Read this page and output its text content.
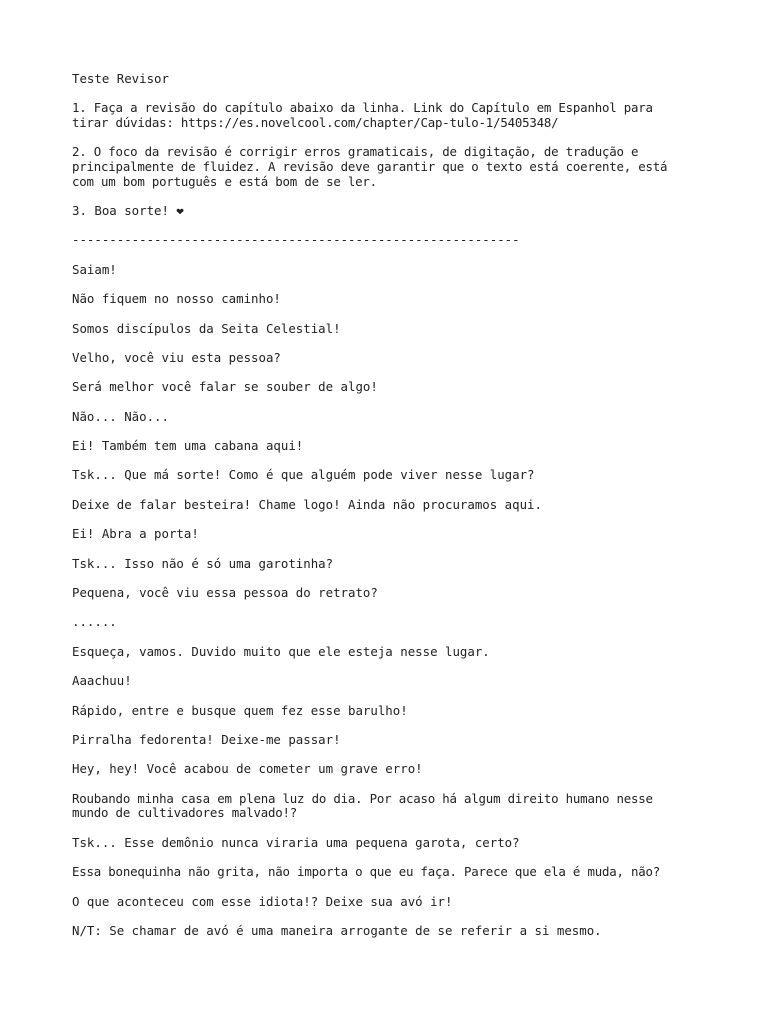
Teste Revisor

1. Faça a revisão do capítulo abaixo da linha. Link do Capítulo em Espanhol para
tirar dúvidas: https://es.novelcool.com/chapter/Cap-tulo-1/5405348/

2. O foco da revisão é corrigir erros gramaticais, de digitação, de tradução e
principalmente de fluidez. A revisão deve garantir que o texto está coerente, está
com um bom português e está bom de se ler.

3. Boa sorte! ❤

------------------------------------------------------------

Saiam!

Não fiquem no nosso caminho!

Somos discípulos da Seita Celestial!

Velho, você viu esta pessoa?

Será melhor você falar se souber de algo!

Não... Não...

Ei! Também tem uma cabana aqui!

Tsk... Que má sorte! Como é que alguém pode viver nesse lugar?

Deixe de falar besteira! Chame logo! Ainda não procuramos aqui.

Ei! Abra a porta!

Tsk... Isso não é só uma garotinha?

Pequena, você viu essa pessoa do retrato?

......

Esqueça, vamos. Duvido muito que ele esteja nesse lugar.

Aaachuu!

Rápido, entre e busque quem fez esse barulho!

Pirralha fedorenta! Deixe-me passar!

Hey, hey! Você acabou de cometer um grave erro!

Roubando minha casa em plena luz do dia. Por acaso há algum direito humano nesse
mundo de cultivadores malvado!?

Tsk... Esse demônio nunca viraria uma pequena garota, certo?

Essa bonequinha não grita, não importa o que eu faça. Parece que ela é muda, não?

O que aconteceu com esse idiota!? Deixe sua avó ir!

N/T: Se chamar de avó é uma maneira arrogante de se referir a si mesmo.
